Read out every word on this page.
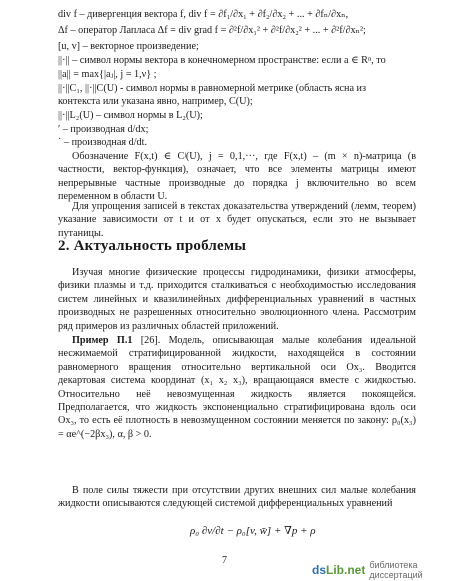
div f – дивергенция вектора f, div f = ∂f₁/∂x₁ + ∂f₂/∂x₂ + ... + ∂fₙ/∂xₙ,
Δf – оператор Лапласа Δf = div grad f = ∂²f/∂x₁² + ∂²f/∂x₂² + ... + ∂²f/∂xₙ²;
[u, v] – векторное произведение;
||·|| – символ нормы вектора в конечномерном пространстве: если a ∈ Rⁿ, то
||a|| = max{|aⱼ|, j = 1,ν} ;
||·||C₁, ||·||C(U) - символ нормы в равномерной метрике (область ясна из
контекста или указана явно, например, C(U);
||·||L₂(U) – символ нормы в L₂(U);
′ – производная d/dx;
˙ – производная d/dt.
Обозначение F(x,t) ∈ Cʲ(U), j = 0,1,···, где F(x,t) – (m × n)-матрица (в частности, вектор-функция), означает, что все элементы матрицы имеют непрерывные частные производные до порядка j включительно во всем переменном в области U.
Для упрощения записей в текстах доказательства утверждений (лемм, теорем) указание зависимости от t и от x будет опускаться, если это не вызывает путаницы.
2. Актуальность проблемы
Изучая многие физические процессы гидродинамики, физики атмосферы, физики плазмы и т.д. приходится сталкиваться с необходимостью исследования систем линейных и квазилинейных дифференциальных уравнений в частных производных не разрешенных относительно эволюционного члена. Рассмотрим ряд примеров из различных областей приложений.
Пример П.1 [26]. Модель, описывающая малые колебания идеальной несжимаемой стратифицированной жидкости, находящейся в состоянии равномерного вращения относительно вертикальной оси Ox₃. Вводится декартовая система координат (x₁ x₂ x₃), вращающаяся вместе с жидкостью. Относительно неё невозмущенная жидкость является покоящейся. Предполагается, что жидкость экспоненциально стратифицирована вдоль оси Ox₃, то есть её плотность в невозмущенном состоянии меняется по закону: ρ₀(x₃) = αe^(−2βx₃), α, β > 0.
В поле силы тяжести при отсутствии других внешних сил малые колебания жидкости описываются следующей системой дифференциальных уравнений
ρ₀ ∂v/∂t − ρ₀[v, w̄] + ∇p + ρ
7
dsLib.net библиотека диссертаций
